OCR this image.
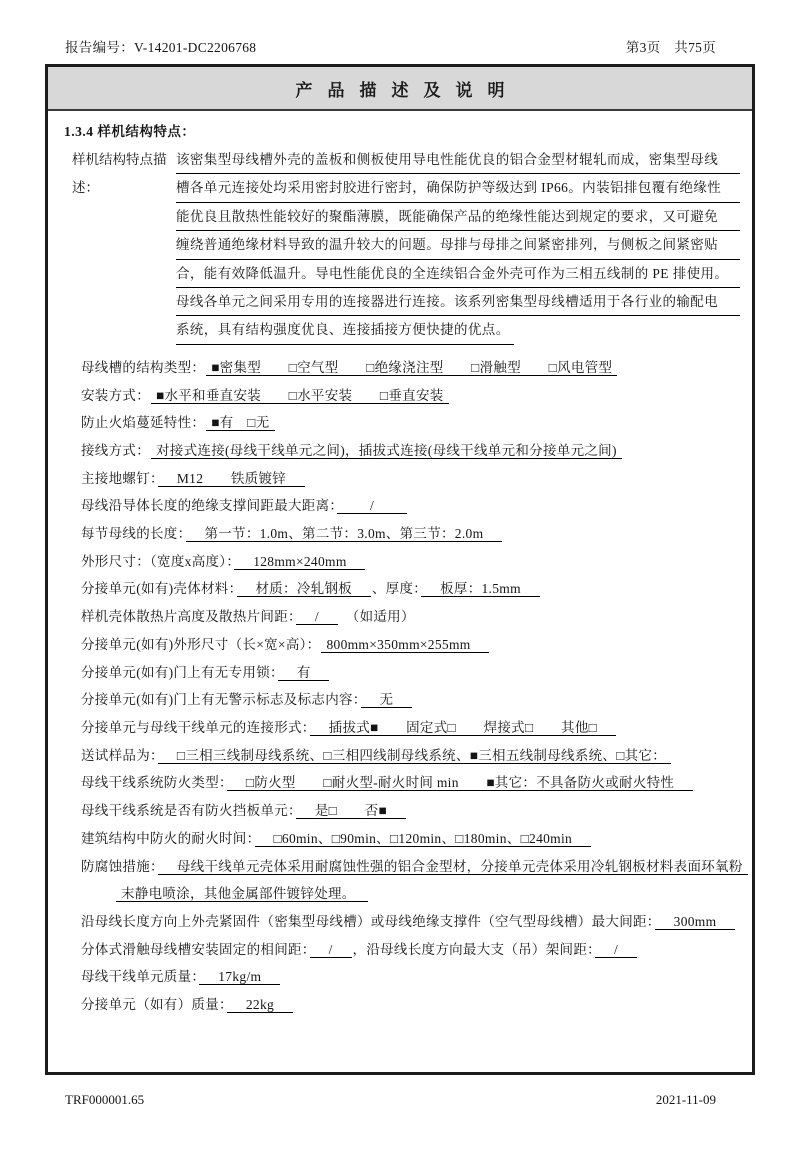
报告编号：V-14201-DC2206768	第3页　共75页
产品描述及说明
1.3.4 样机结构特点：
样机结构特点描述：
该密集型母线槽外壳的盖板和侧板使用导电性能优良的铝合金型材辊轧而成，密集型母线
槽各单元连接处均采用密封胶进行密封，确保防护等级达到 IP66。内装铝排包覆有绝缘性
能优良且散热性能较好的聚酯薄膜，既能确保产品的绝缘性能达到规定的要求，又可避免
缠绕普通绝缘材料导致的温升较大的问题。母排与母排之间紧密排列，与侧板之间紧密贴
合，能有效降低温升。导电性能优良的全连续铝合金外壳可作为三相五线制的 PE 排使用。
母线各单元之间采用专用的连接器进行连接。该系列密集型母线槽适用于各行业的输配电
系统，具有结构强度优良、连接插接方便快捷的优点。
母线槽的结构类型： ■密集型　　□空气型　　□绝缘浇注型　　□滑触型　　□风电管型
安装方式： ■水平和垂直安装　　□水平安装　　□垂直安装
防止火焰蔓延特性： ■有　□无
接线方式： 对接式连接(母线干线单元之间)，插拔式连接(母线干线单元和分接单元之间)
主接地螺钉：　M12　　铁质镀锌　
母线沿导体长度的绝缘支撑间距最大距离：　　/　　
每节母线的长度：　第一节：1.0m、第二节：3.0m、第三节：2.0m　
外形尺寸：（宽度x高度）：　128mm×240mm　
分接单元(如有)壳体材料：　材质：冷轧钢板　、厚度：　板厚：1.5mm　
样机壳体散热片高度及散热片间距：　/　　（如适用）
分接单元(如有)外形尺寸（长×宽×高）： 800mm×350mm×255mm　
分接单元(如有)门上有无专用锁：　有　
分接单元(如有)门上有无警示标志及标志内容：　无　
分接单元与母线干线单元的连接形式：　插拔式■　　固定式□　　焊接式□　　其他□　
送试样品为：　□三相三线制母线系统、□三相四线制母线系统、■三相五线制母线系统、□其它：
母线干线系统防火类型：　□防火型　　□耐火型-耐火时间 min　　■其它：不具备防火或耐火特性　
母线干线系统是否有防火挡板单元：　是□　　否■　
建筑结构中防火的耐火时间：　□60min、□90min、□120min、□180min、□240min　
防腐蚀措施：　母线干线单元壳体采用耐腐蚀性强的铝合金型材，分接单元壳体采用冷轧钢板材料表面环氧粉
末静电喷涂，其他金属部件镀锌处理。　
沿母线长度方向上外壳紧固件（密集型母线槽）或母线绝缘支撑件（空气型母线槽）最大间距：　300mm　
分体式滑触母线槽安装固定的相间距：　/　，沿母线长度方向最大支（吊）架间距：　/　
母线干线单元质量：　17kg/m　
分接单元（如有）质量：　22kg　
TRF000001.65	2021-11-09
